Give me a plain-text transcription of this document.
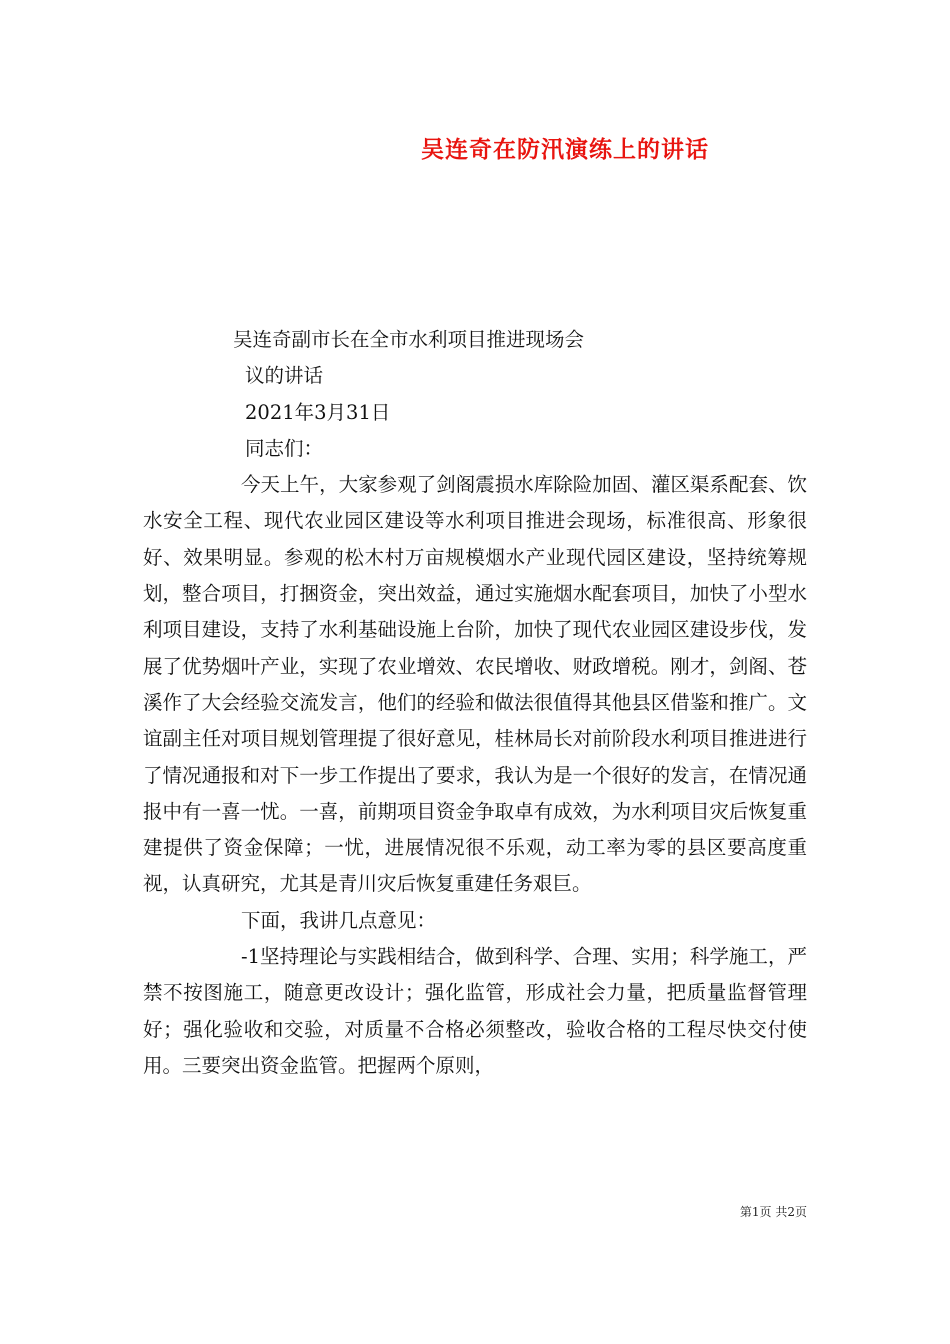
吴连奇在防汛演练上的讲话
吴连奇副市长在全市水利项目推进现场会
议的讲话
2021年3月31日
同志们：

今天上午，大家参观了剑阁震损水库除险加固、灌区渠系配套、饮水安全工程、现代农业园区建设等水利项目推进会现场，标准很高、形象很好、效果明显。参观的松木村万亩规模烟水产业现代园区建设，坚持统筹规划，整合项目，打捆资金，突出效益，通过实施烟水配套项目，加快了小型水利项目建设，支持了水利基础设施上台阶，加快了现代农业园区建设步伐，发展了优势烟叶产业，实现了农业增效、农民增收、财政增税。刚才，剑阁、苍溪作了大会经验交流发言，他们的经验和做法很值得其他县区借鉴和推广。文谊副主任对项目规划管理提了很好意见，桂林局长对前阶段水利项目推进进行了情况通报和对下一步工作提出了要求，我认为是一个很好的发言，在情况通报中有一喜一忧。一喜，前期项目资金争取卓有成效，为水利项目灾后恢复重建提供了资金保障；一忧，进展情况很不乐观，动工率为零的县区要高度重视，认真研究，尤其是青川灾后恢复重建任务艰巨。

下面，我讲几点意见：

-1坚持理论与实践相结合，做到科学、合理、实用；科学施工，严禁不按图施工，随意更改设计；强化监管，形成社会力量，把质量监督管理好；强化验收和交验，对质量不合格必须整改，验收合格的工程尽快交付使用。三要突出资金监管。把握两个原则，

第1页 共2页
